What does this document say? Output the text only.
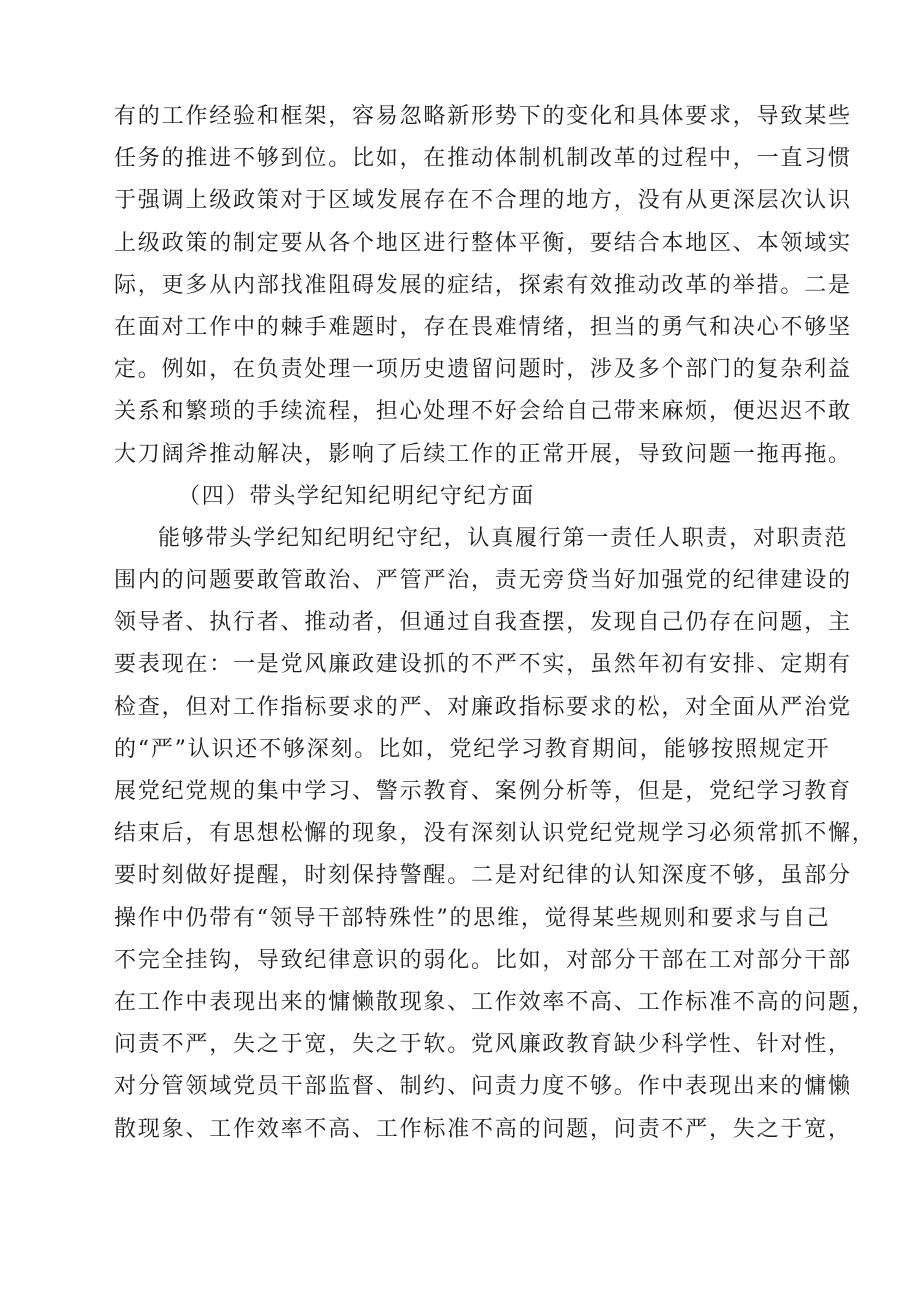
有的工作经验和框架，容易忽略新形势下的变化和具体要求，导致某些
任务的推进不够到位。比如，在推动体制机制改革的过程中，一直习惯
于强调上级政策对于区域发展存在不合理的地方，没有从更深层次认识
上级政策的制定要从各个地区进行整体平衡，要结合本地区、本领域实
际，更多从内部找准阻碍发展的症结，探索有效推动改革的举措。二是
在面对工作中的棘手难题时，存在畏难情绪，担当的勇气和决心不够坚
定。例如，在负责处理一项历史遗留问题时，涉及多个部门的复杂利益
关系和繁琐的手续流程，担心处理不好会给自己带来麻烦，便迟迟不敢
大刀阔斧推动解决，影响了后续工作的正常开展，导致问题一拖再拖。
（四）带头学纪知纪明纪守纪方面
能够带头学纪知纪明纪守纪，认真履行第一责任人职责，对职责范
围内的问题要敢管敢治、严管严治，责无旁贷当好加强党的纪律建设的
领导者、执行者、推动者，但通过自我查摆，发现自己仍存在问题，主
要表现在：一是党风廉政建设抓的不严不实，虽然年初有安排、定期有
检查，但对工作指标要求的严、对廉政指标要求的松，对全面从严治党
的“严”认识还不够深刻。比如，党纪学习教育期间，能够按照规定开
展党纪党规的集中学习、警示教育、案例分析等，但是，党纪学习教育
结束后，有思想松懈的现象，没有深刻认识党纪党规学习必须常抓不懈，
要时刻做好提醒，时刻保持警醒。二是对纪律的认知深度不够，虽部分
操作中仍带有“领导干部特殊性”的思维，觉得某些规则和要求与自己
不完全挂钩，导致纪律意识的弱化。比如，对部分干部在工对部分干部
在工作中表现出来的慵懒散现象、工作效率不高、工作标准不高的问题，
问责不严，失之于宽，失之于软。党风廉政教育缺少科学性、针对性，
对分管领域党员干部监督、制约、问责力度不够。作中表现出来的慵懒
散现象、工作效率不高、工作标准不高的问题，问责不严，失之于宽，
